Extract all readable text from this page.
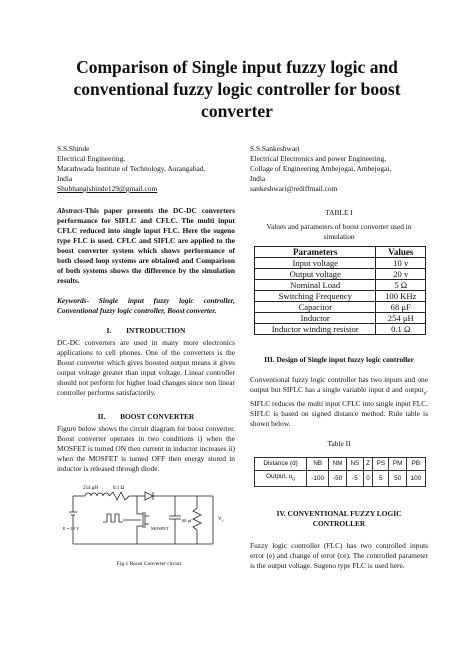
Comparison of Single input fuzzy logic and conventional fuzzy logic controller for boost converter
S.S.Shinde
Electrical Engineering,
Marathwada Institute of Technology, Aurangabad,
India
Shubhangishinde129@gmail.com

Abstract-This paper presents the DC-DC converters performance for SIFLC and CFLC. The multi input CFLC reduced into single input FLC. Here the sugeno type FLC is used. CFLC and SIFLC are applied to the boost converter system which shows performance of both closed loop systems are obtained and Comparison of both systems shows the difference by the simulation results.

Keywords- Single input fuzzy logic controller, Conventional fuzzy logic controller, Boost converter.

I.        INTRODUCTION

DC-DC converters are used in many more electronics applications to cell phones. One of the converters is the Boost converter which gives boosted output means it gives output voltage greater than input voltage. Linear controller should not perform for higher load changes since non linear controller performs satisfactorily.

II.        BOOST CONVERTER

Figure below shows the circuit diagram for boost converter. Boost converter operates in two conditions i) when the MOSFET is turned ON then current in inductor increases ii) when the MOSFET is turned OFF then energy stored in inductor is released through diode.

254 μH	0.1 Ω
E = 10 V	MOSFET
68 μf	$V_o$
Fig.1 Boost Converter circuit
S.S.Sankeshwari
Electrical Electronics and power Engineering,
Collage of Engineering Ambejogai, Ambejogai,
India
sankeshwari@rediffmail.com
TABLE I
Values and parameters of boost converter used in simulation
Parameters	Values
Input voltage	10 v
Output voltage	20 v
Nominal Load	5 Ω
Switching Frequency	100 KHz
Capacitor	68 μF
Inductor	254 μH
Inductor winding resistor	0.1 Ω
III. Design of Single input fuzzy logic controller

Conventional fuzzy logic controller has two inputs and one output but SIFLC has a single variable input d and output$_o$. SIFLC reduces the multi input CFLC into single input FLC. SIFLC is based on signed distance method. Rule table is shown below.

Table II
Distance (d)	NB	NM	NS	Z	PS	PM	PB
Output, $u_o$	-100	-50	-5	0	5	50	100
IV. CONVENTIONAL FUZZY LOGIC CONTROLLER

Fuzzy logic controller (FLC) has two controlled inputs error (e) and change of error (ce). The controlled parameter is the output voltage. Sugeno type FLC is used here.
